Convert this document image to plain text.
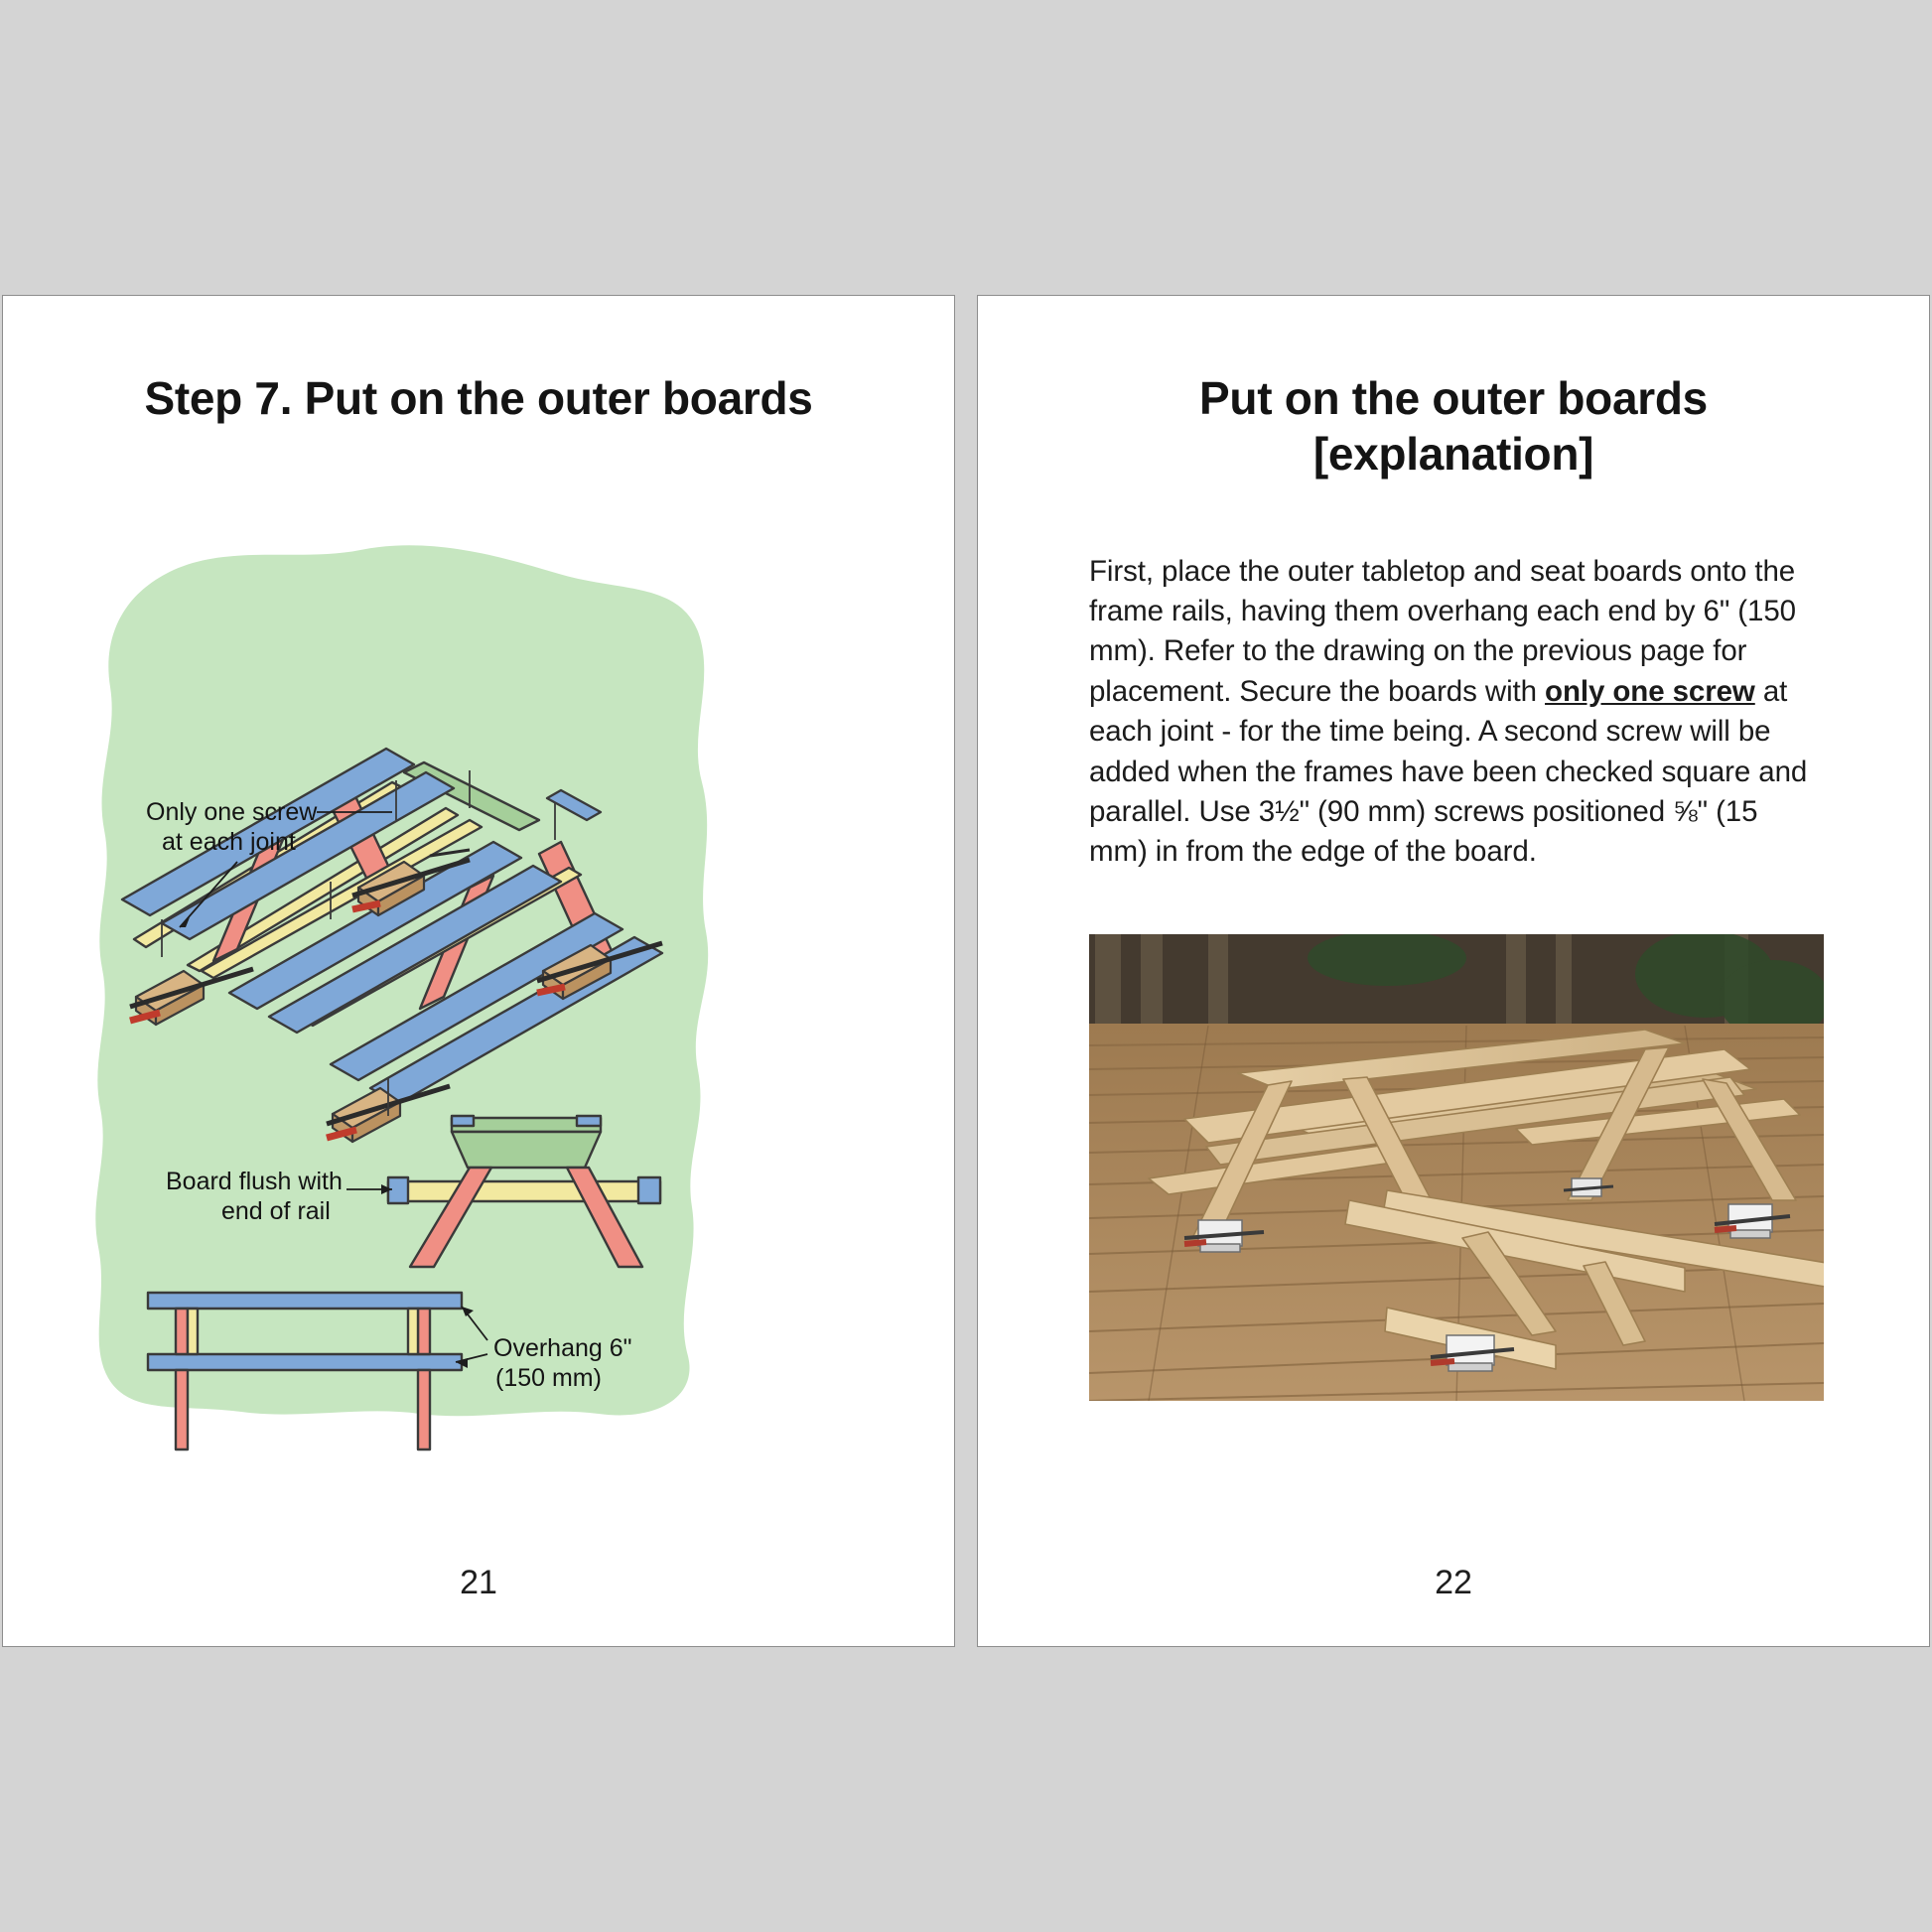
Step 7. Put on the outer boards
Only one screw
at each joint
Board flush with
end of rail
Overhang 6"
(150 mm)
21
Put on the outer boards [explanation]

First, place the outer tabletop and seat boards onto the frame rails, having them overhang each end by 6" (150 mm). Refer to the drawing on the previous page for placement. Secure the boards with only one screw at each joint - for the time being. A second screw will be added when the frames have been checked square and parallel. Use 3½" (90 mm) screws positioned ⅝" (15 mm) in from the edge of the board.

22
